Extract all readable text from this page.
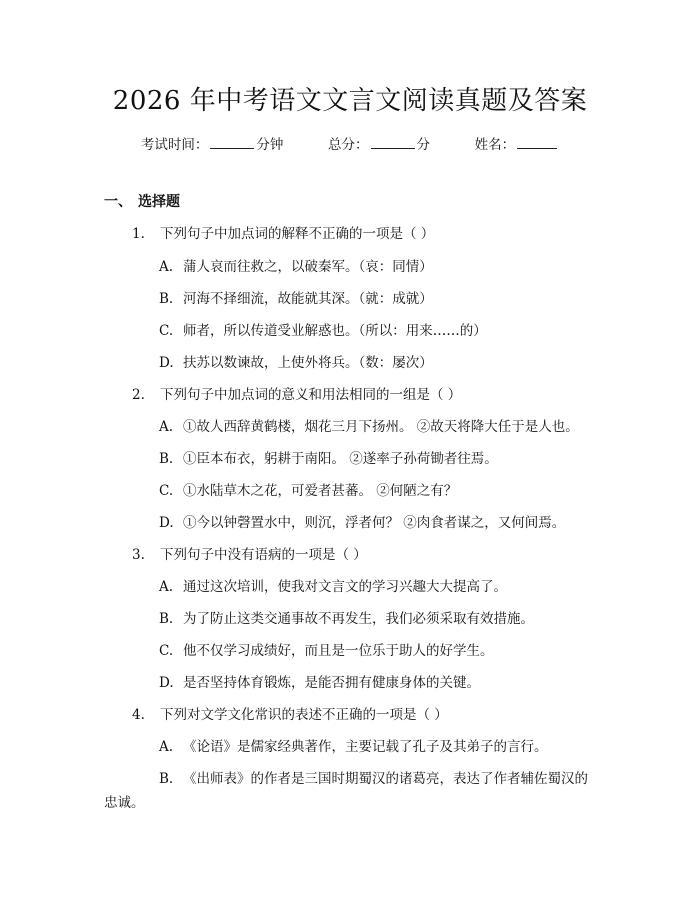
2026 年中考语文文言文阅读真题及答案
考试时间：	分钟	总分：	分	姓名：
一、 选择题
1. 下列句子中加点词的解释不正确的一项是（ ）
A. 蒲人哀而往救之，以破秦军。（哀：同情）
B. 河海不择细流，故能就其深。（就：成就）
C. 师者，所以传道受业解惑也。（所以：用来……的）
D. 扶苏以数谏故，上使外将兵。（数：屡次）
2. 下列句子中加点词的意义和用法相同的一组是（ ）
A. ①故人西辞黄鹤楼，烟花三月下扬州。 ②故天将降大任于是人也。
B. ①臣本布衣，躬耕于南阳。 ②遂率子孙荷锄者往焉。
C. ①水陆草木之花，可爱者甚蕃。 ②何陋之有？
D. ①今以钟磬置水中，则沉，浮者何？ ②肉食者谋之，又何间焉。
3. 下列句子中没有语病的一项是（ ）
A. 通过这次培训，使我对文言文的学习兴趣大大提高了。
B. 为了防止这类交通事故不再发生，我们必须采取有效措施。
C. 他不仅学习成绩好，而且是一位乐于助人的好学生。
D. 是否坚持体育锻炼，是能否拥有健康身体的关键。
4. 下列对文学文化常识的表述不正确的一项是（ ）
A. 《论语》是儒家经典著作，主要记载了孔子及其弟子的言行。
B. 《出师表》的作者是三国时期蜀汉的诸葛亮，表达了作者辅佐蜀汉的
忠诚。
